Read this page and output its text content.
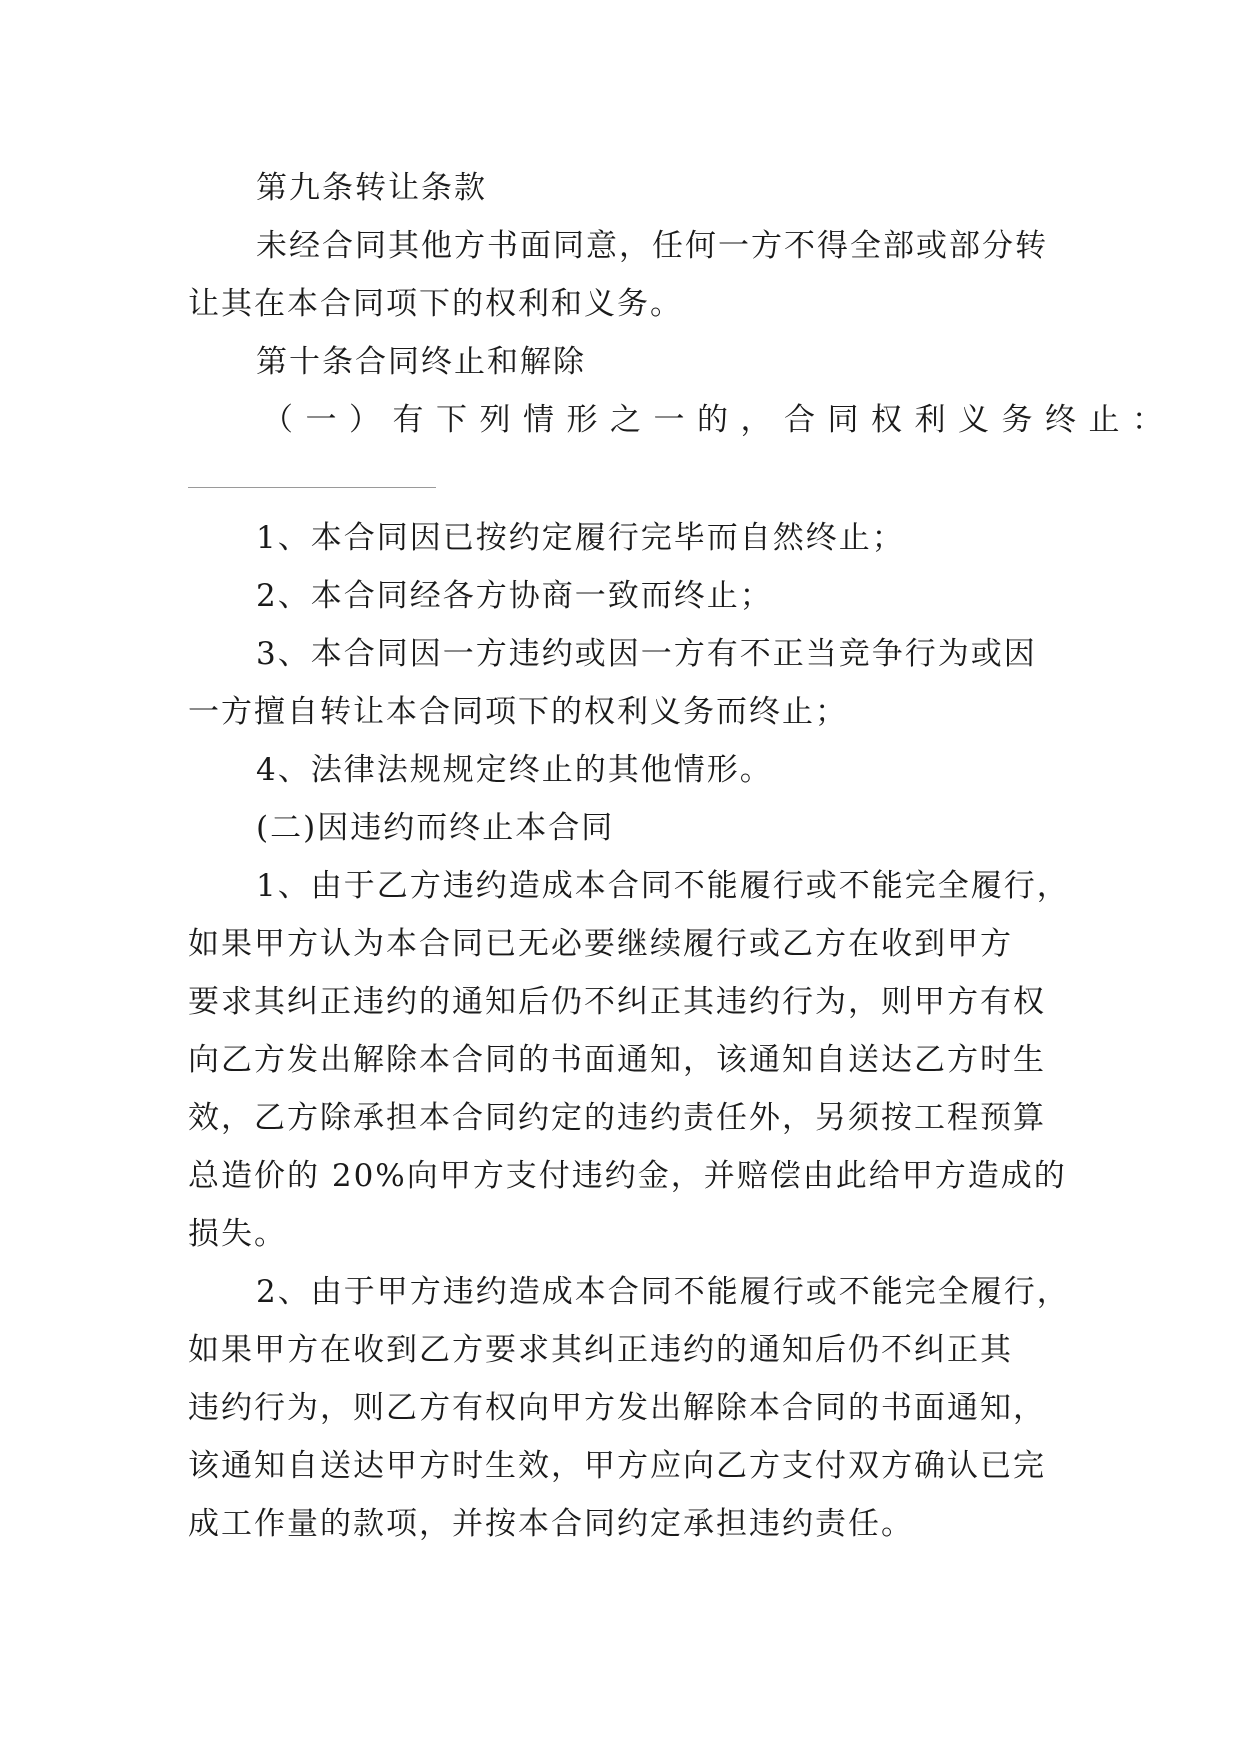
第九条转让条款
未经合同其他方书面同意，任何一方不得全部或部分转
让其在本合同项下的权利和义务。
第十条合同终止和解除
（一）有下列情形之一的，合同权利义务终止：
1、本合同因已按约定履行完毕而自然终止；
2、本合同经各方协商一致而终止；
3、本合同因一方违约或因一方有不正当竞争行为或因
一方擅自转让本合同项下的权利义务而终止；
4、法律法规规定终止的其他情形。
(二)因违约而终止本合同
1、由于乙方违约造成本合同不能履行或不能完全履行，
如果甲方认为本合同已无必要继续履行或乙方在收到甲方
要求其纠正违约的通知后仍不纠正其违约行为，则甲方有权
向乙方发出解除本合同的书面通知，该通知自送达乙方时生
效，乙方除承担本合同约定的违约责任外，另须按工程预算
总造价的 20%向甲方支付违约金，并赔偿由此给甲方造成的
损失。
2、由于甲方违约造成本合同不能履行或不能完全履行，
如果甲方在收到乙方要求其纠正违约的通知后仍不纠正其
违约行为，则乙方有权向甲方发出解除本合同的书面通知，
该通知自送达甲方时生效，甲方应向乙方支付双方确认已完
成工作量的款项，并按本合同约定承担违约责任。
